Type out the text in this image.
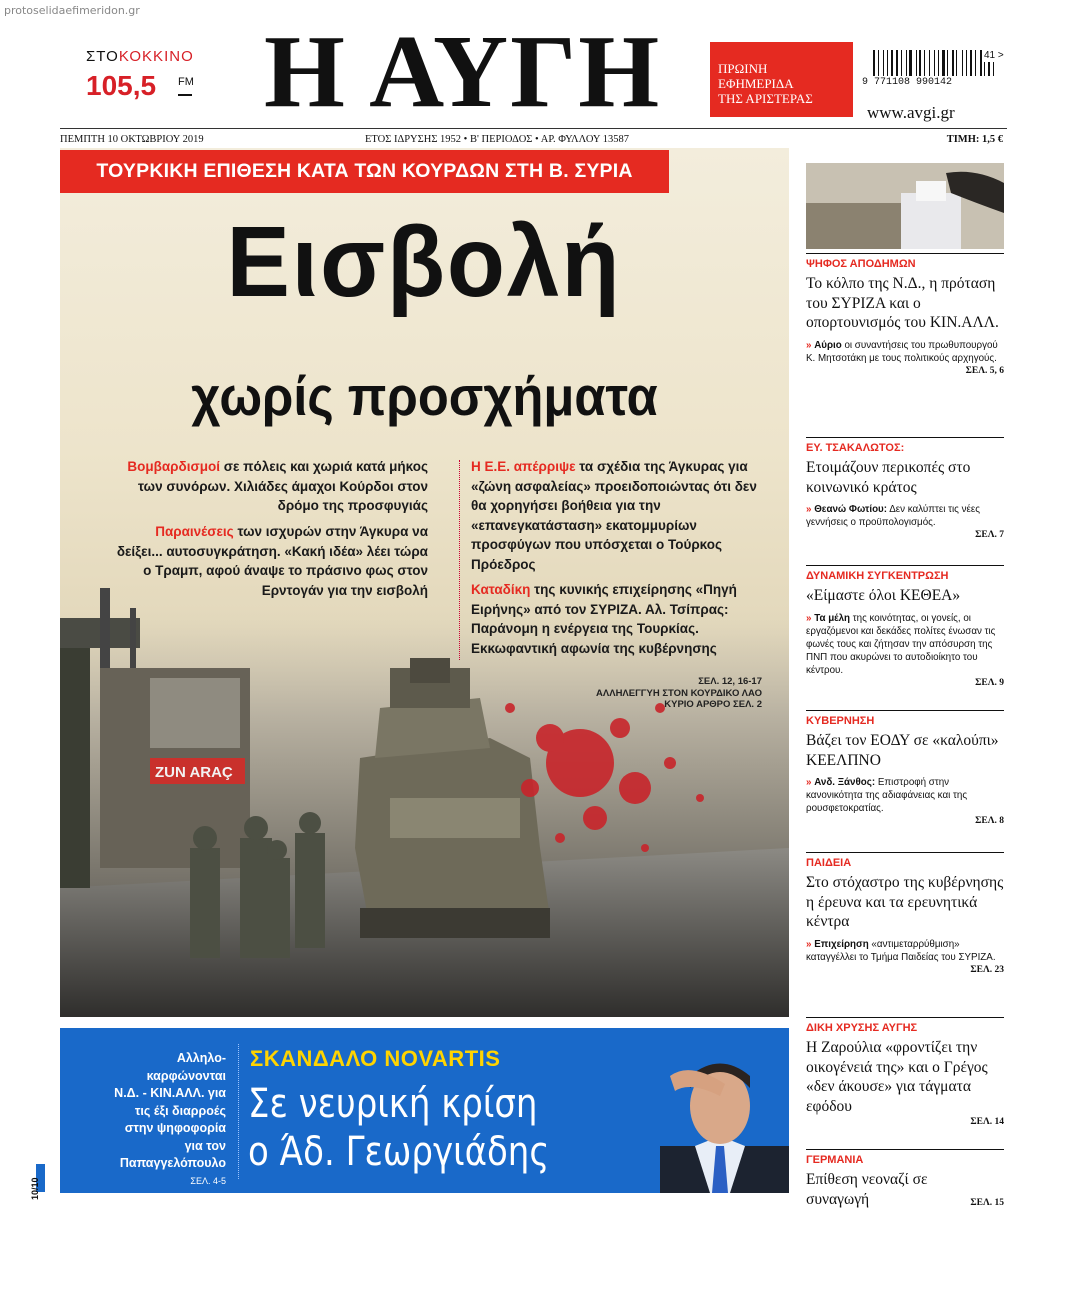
protoselidaefimeridon.gr
ΣΤΟΚΟΚΚΙΝΟ
105,5 FM Η ΑΥΓΗ	ΠΡΩΙΝΗ
ΕΦΗΜΕΡΙΔΑ
ΤΗΣ ΑΡΙΣΤΕΡΑΣ
41 >
9 771108 990142
www.avgi.gr
ΠΕΜΠΤΗ 10 ΟΚΤΩΒΡΙΟΥ 2019	ΕΤΟΣ ΙΔΡΥΣΗΣ 1952 • Β' ΠΕΡΙΟΔΟΣ • ΑΡ. ΦΥΛΛΟΥ 13587	ΤΙΜΗ: 1,5 €
ZUN ARAÇ
ΤΟΥΡΚΙΚΗ ΕΠΙΘΕΣΗ ΚΑΤΑ ΤΩΝ ΚΟΥΡΔΩΝ ΣΤΗ Β. ΣΥΡΙΑ
Εισβολή
χωρίς προσχήματα
Βομβαρδισμοί σε πόλεις και χωριά κατά μήκος των συνόρων. Χιλιάδες άμαχοι Κούρδοι στον δρόμο της προσφυγιάς
Παραινέσεις των ισχυρών στην Άγκυρα να δείξει... αυτοσυγκράτηση. «Κακή ιδέα» λέει τώρα ο Τραμπ, αφού άναψε το πράσινο φως στον Ερντογάν για την εισβολή
Η Ε.Ε. απέρριψε τα σχέδια της Άγκυρας για «ζώνη ασφαλείας» προειδοποιώντας ότι δεν θα χορηγήσει βοήθεια για την «επανεγκατάσταση» εκατομμυρίων προσφύγων που υπόσχεται ο Τούρκος Πρόεδρος
Καταδίκη της κυνικής επιχείρησης «Πηγή Ειρήνης» από τον ΣΥΡΙΖΑ. Αλ. Τσίπρας: Παράνομη η ενέργεια της Τουρκίας. Εκκωφαντική αφωνία της κυβέρνησης
ΣΕΛ. 12, 16-17
ΑΛΛΗΛΕΓΓΥΗ ΣΤΟΝ ΚΟΥΡΔΙΚΟ ΛΑΟ
ΚΥΡΙΟ ΑΡΘΡΟ ΣΕΛ. 2
Αλληλο-
καρφώνονται
Ν.Δ. - ΚΙΝ.ΑΛΛ. για
τις έξι διαρροές
στην ψηφοφορία
για τον
Παπαγγελόπουλο
ΣΕΛ. 4-5
ΣΚΑΝΔΑΛΟ NOVARTIS
Σε νευρική κρίση
ο Άδ. Γεωργιάδης
ΨΗΦΟΣ ΑΠΟΔΗΜΩΝ
Το κόλπο της Ν.Δ., η πρόταση του ΣΥΡΙΖΑ και ο οπορτουνισμός του ΚΙΝ.ΑΛΛ.
» Αύριο οι συναντήσεις του πρωθυπουργού Κ. Μητσοτάκη με τους πολιτικούς αρχηγούς.
ΣΕΛ. 5, 6
ΕΥ. ΤΣΑΚΑΛΩΤΟΣ:
Ετοιμάζουν περικοπές στο κοινωνικό κράτος
» Θεανώ Φωτίου: Δεν καλύπτει τις νέες γεννήσεις ο προϋπολογισμός.
ΣΕΛ. 7
ΔΥΝΑΜΙΚΗ ΣΥΓΚΕΝΤΡΩΣΗ
«Είμαστε όλοι ΚΕΘΕΑ»
» Τα μέλη της κοινότητας, οι γονείς, οι εργαζόμενοι και δεκάδες πολίτες ένωσαν τις φωνές τους και ζήτησαν την απόσυρση της ΠΝΠ που ακυρώνει το αυτοδιοίκητο του κέντρου.
ΣΕΛ. 9
ΚΥΒΕΡΝΗΣΗ
Βάζει τον ΕΟΔΥ σε «καλούπι» ΚΕΕΛΠΝΟ
» Ανδ. Ξάνθος: Επιστροφή στην κανονικότητα της αδιαφάνειας και της ρουσφετοκρατίας.
ΣΕΛ. 8
ΠΑΙΔΕΙΑ
Στο στόχαστρο της κυβέρνησης η έρευνα και τα ερευνητικά κέντρα
» Επιχείρηση «αντιμεταρρύθμιση» καταγγέλλει το Τμήμα Παιδείας του ΣΥΡΙΖΑ.
ΣΕΛ. 23
ΔΙΚΗ ΧΡΥΣΗΣ ΑΥΓΗΣ
Η Ζαρούλια «φροντίζει την οικογένειά της» και ο Γρέγος «δεν άκουσε» για τάγματα εφόδου
ΣΕΛ. 14
ΓΕΡΜΑΝΙΑ
Επίθεση νεοναζί σε συναγωγή	ΣΕΛ. 15
10/10
